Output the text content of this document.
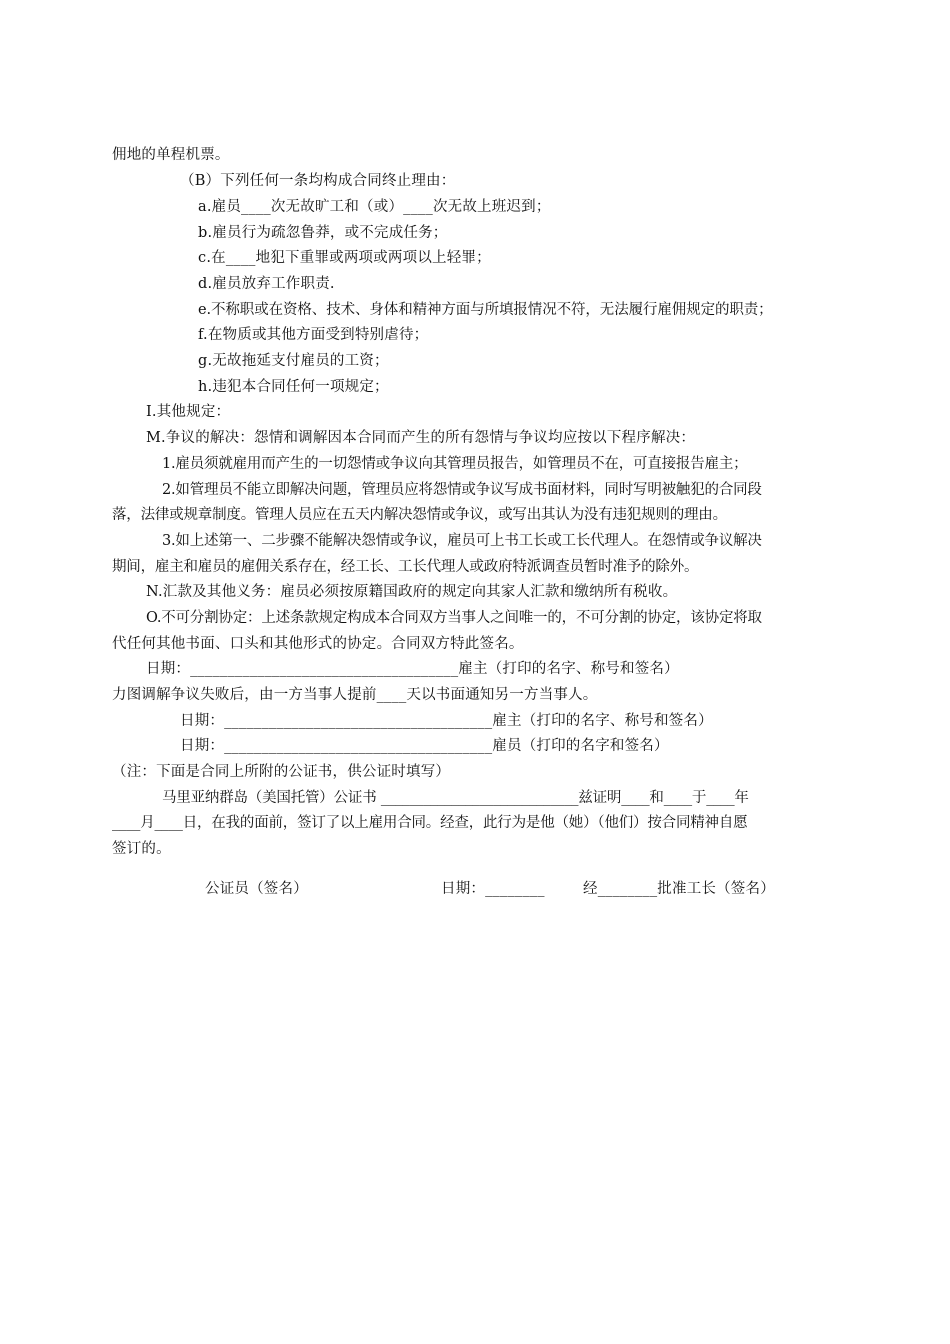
佣地的单程机票。
（B）下列任何一条均构成合同终止理由：
a.雇员____次无故旷工和（或）____次无故上班迟到；
b.雇员行为疏忽鲁莽，或不完成任务；
c.在____地犯下重罪或两项或两项以上轻罪；
d.雇员放弃工作职责.
e.不称职或在资格、技术、身体和精神方面与所填报情况不符，无法履行雇佣规定的职责；
f.在物质或其他方面受到特别虐待；
g.无故拖延支付雇员的工资；
h.违犯本合同任何一项规定；
I.其他规定：
M.争议的解决：怨情和调解因本合同而产生的所有怨情与争议均应按以下程序解决：
1.雇员须就雇用而产生的一切怨情或争议向其管理员报告，如管理员不在，可直接报告雇主；
2.如管理员不能立即解决问题，管理员应将怨情或争议写成书面材料，同时写明被触犯的合同段
落，法律或规章制度。管理人员应在五天内解决怨情或争议，或写出其认为没有违犯规则的理由。
3.如上述第一、二步骤不能解决怨情或争议，雇员可上书工长或工长代理人。在怨情或争议解决
期间，雇主和雇员的雇佣关系存在，经工长、工长代理人或政府特派调查员暂时准予的除外。
N.汇款及其他义务：雇员必须按原籍国政府的规定向其家人汇款和缴纳所有税收。
O.不可分割协定：上述条款规定构成本合同双方当事人之间唯一的，不可分割的协定，该协定将取
代任何其他书面、口头和其他形式的协定。合同双方特此签名。
日期：____________________________________雇主（打印的名字、称号和签名）
力图调解争议失败后，由一方当事人提前____天以书面通知另一方当事人。
日期：____________________________________雇主（打印的名字、称号和签名）
日期：____________________________________雇员（打印的名字和签名）
（注：下面是合同上所附的公证书，供公证时填写）
马里亚纳群岛（美国托管）公证书 ____________________________兹证明____和____于____年
____月____日，在我的面前，签订了以上雇用合同。经查，此行为是他（她）（他们）按合同精神自愿
签订的。
公证员（签名）	日期：________	经________批准工长（签名）
